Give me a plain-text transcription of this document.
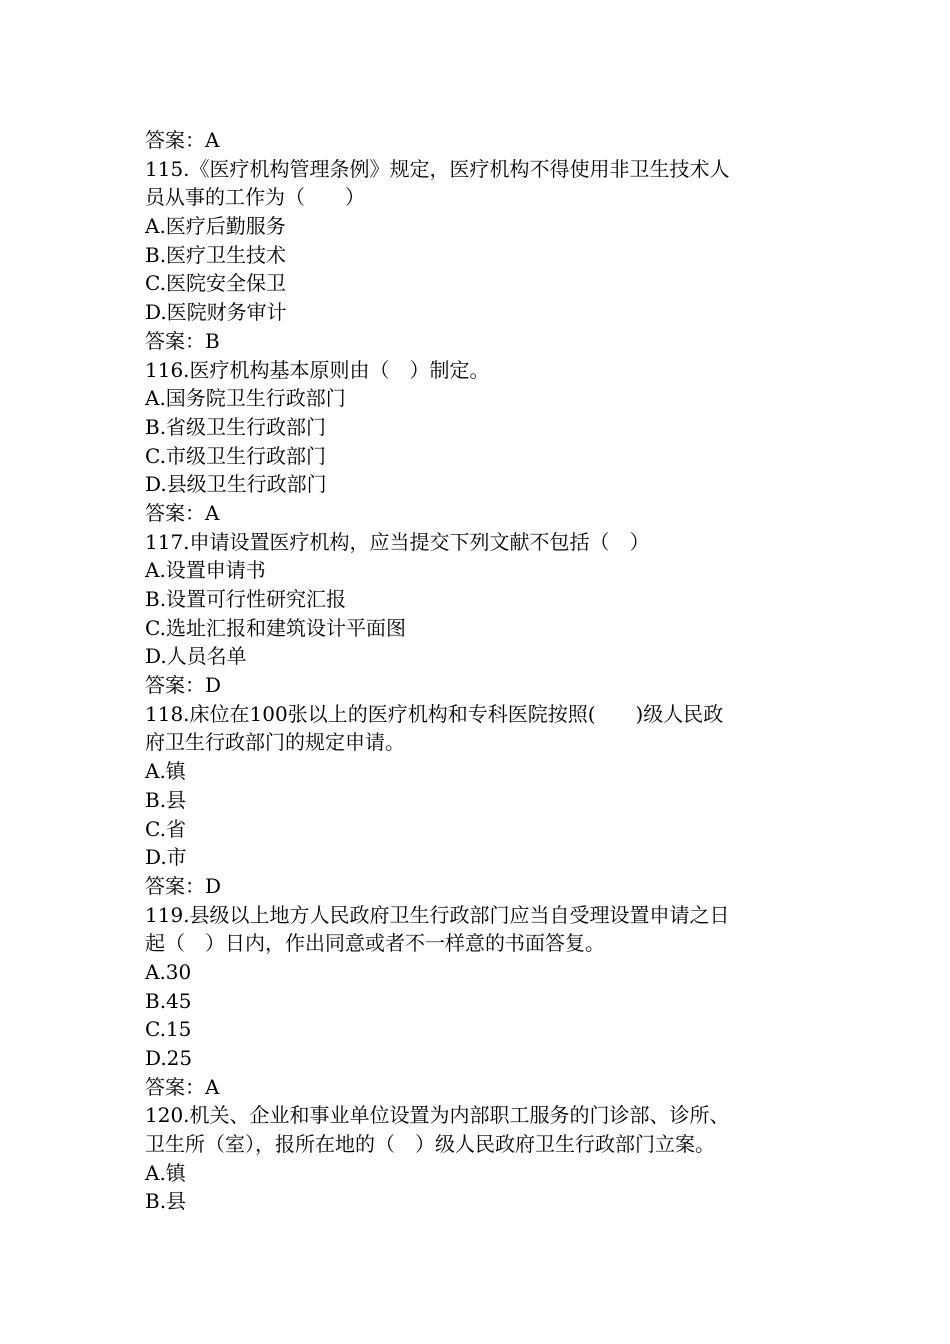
答案：A
115.《医疗机构管理条例》规定，医疗机构不得使用非卫生技术人
员从事的工作为（　　）
A.医疗后勤服务
B.医疗卫生技术
C.医院安全保卫
D.医院财务审计
答案：B
116.医疗机构基本原则由（　）制定。
A.国务院卫生行政部门
B.省级卫生行政部门
C.市级卫生行政部门
D.县级卫生行政部门
答案：A
117.申请设置医疗机构，应当提交下列文献不包括（　）
A.设置申请书
B.设置可行性研究汇报
C.选址汇报和建筑设计平面图
D.人员名单
答案：D
118.床位在100张以上的医疗机构和专科医院按照(　　)级人民政
府卫生行政部门的规定申请。
A.镇
B.县
C.省
D.市
答案：D
119.县级以上地方人民政府卫生行政部门应当自受理设置申请之日
起（　）日内，作出同意或者不一样意的书面答复。
A.30
B.45
C.15
D.25
答案：A
120.机关、企业和事业单位设置为内部职工服务的门诊部、诊所、
卫生所（室），报所在地的（　）级人民政府卫生行政部门立案。
A.镇
B.县
